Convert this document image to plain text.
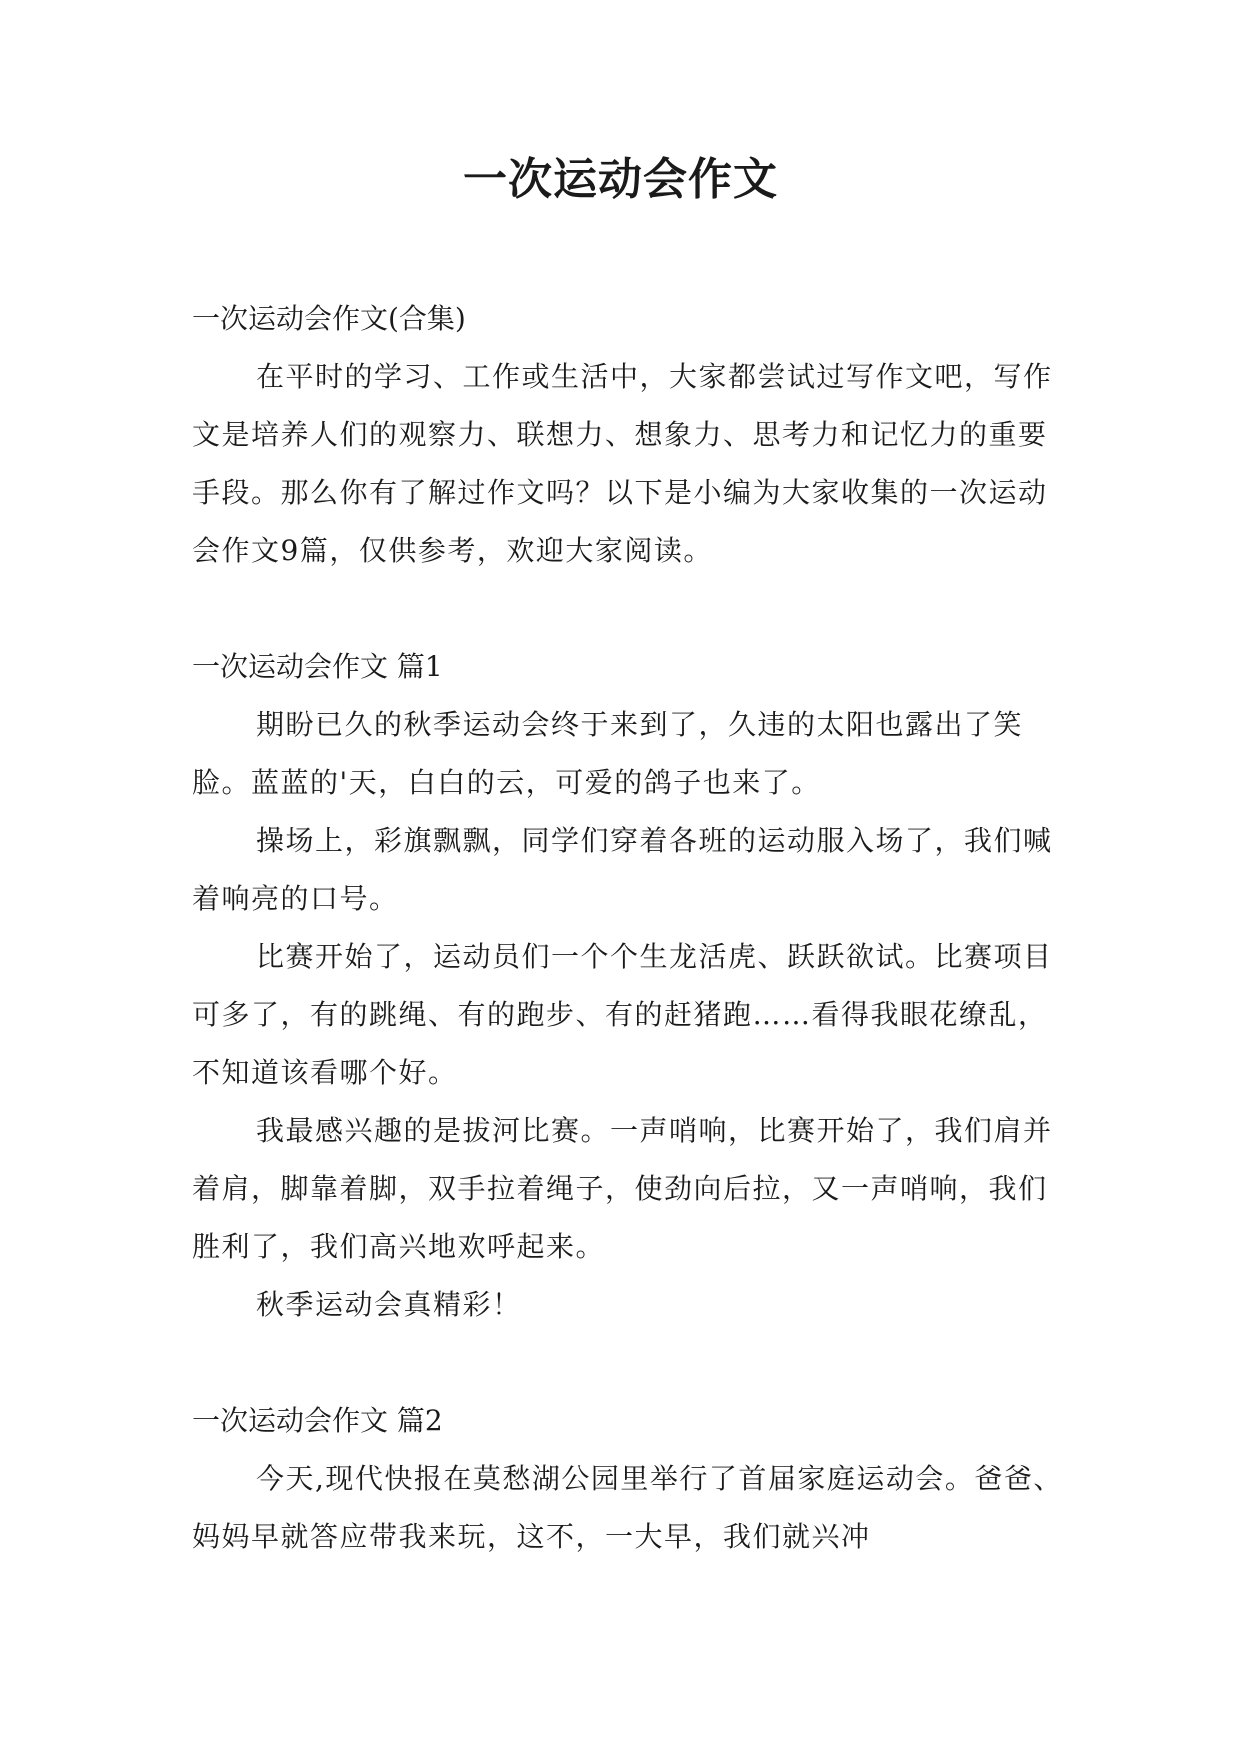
一次运动会作文

一次运动会作文(合集)

在平时的学习、工作或生活中，大家都尝试过写作文吧，写作文是培养人们的观察力、联想力、想象力、思考力和记忆力的重要手段。那么你有了解过作文吗？以下是小编为大家收集的一次运动会作文9篇，仅供参考，欢迎大家阅读。

一次运动会作文 篇1

期盼已久的秋季运动会终于来到了，久违的太阳也露出了笑脸。蓝蓝的'天，白白的云，可爱的鸽子也来了。

操场上，彩旗飘飘，同学们穿着各班的运动服入场了，我们喊着响亮的口号。

比赛开始了，运动员们一个个生龙活虎、跃跃欲试。比赛项目可多了，有的跳绳、有的跑步、有的赶猪跑……看得我眼花缭乱，不知道该看哪个好。

我最感兴趣的是拔河比赛。一声哨响，比赛开始了，我们肩并着肩，脚靠着脚，双手拉着绳子，使劲向后拉，又一声哨响，我们胜利了，我们高兴地欢呼起来。

秋季运动会真精彩！

一次运动会作文 篇2

今天,现代快报在莫愁湖公园里举行了首届家庭运动会。爸爸、妈妈早就答应带我来玩，这不，一大早，我们就兴冲
